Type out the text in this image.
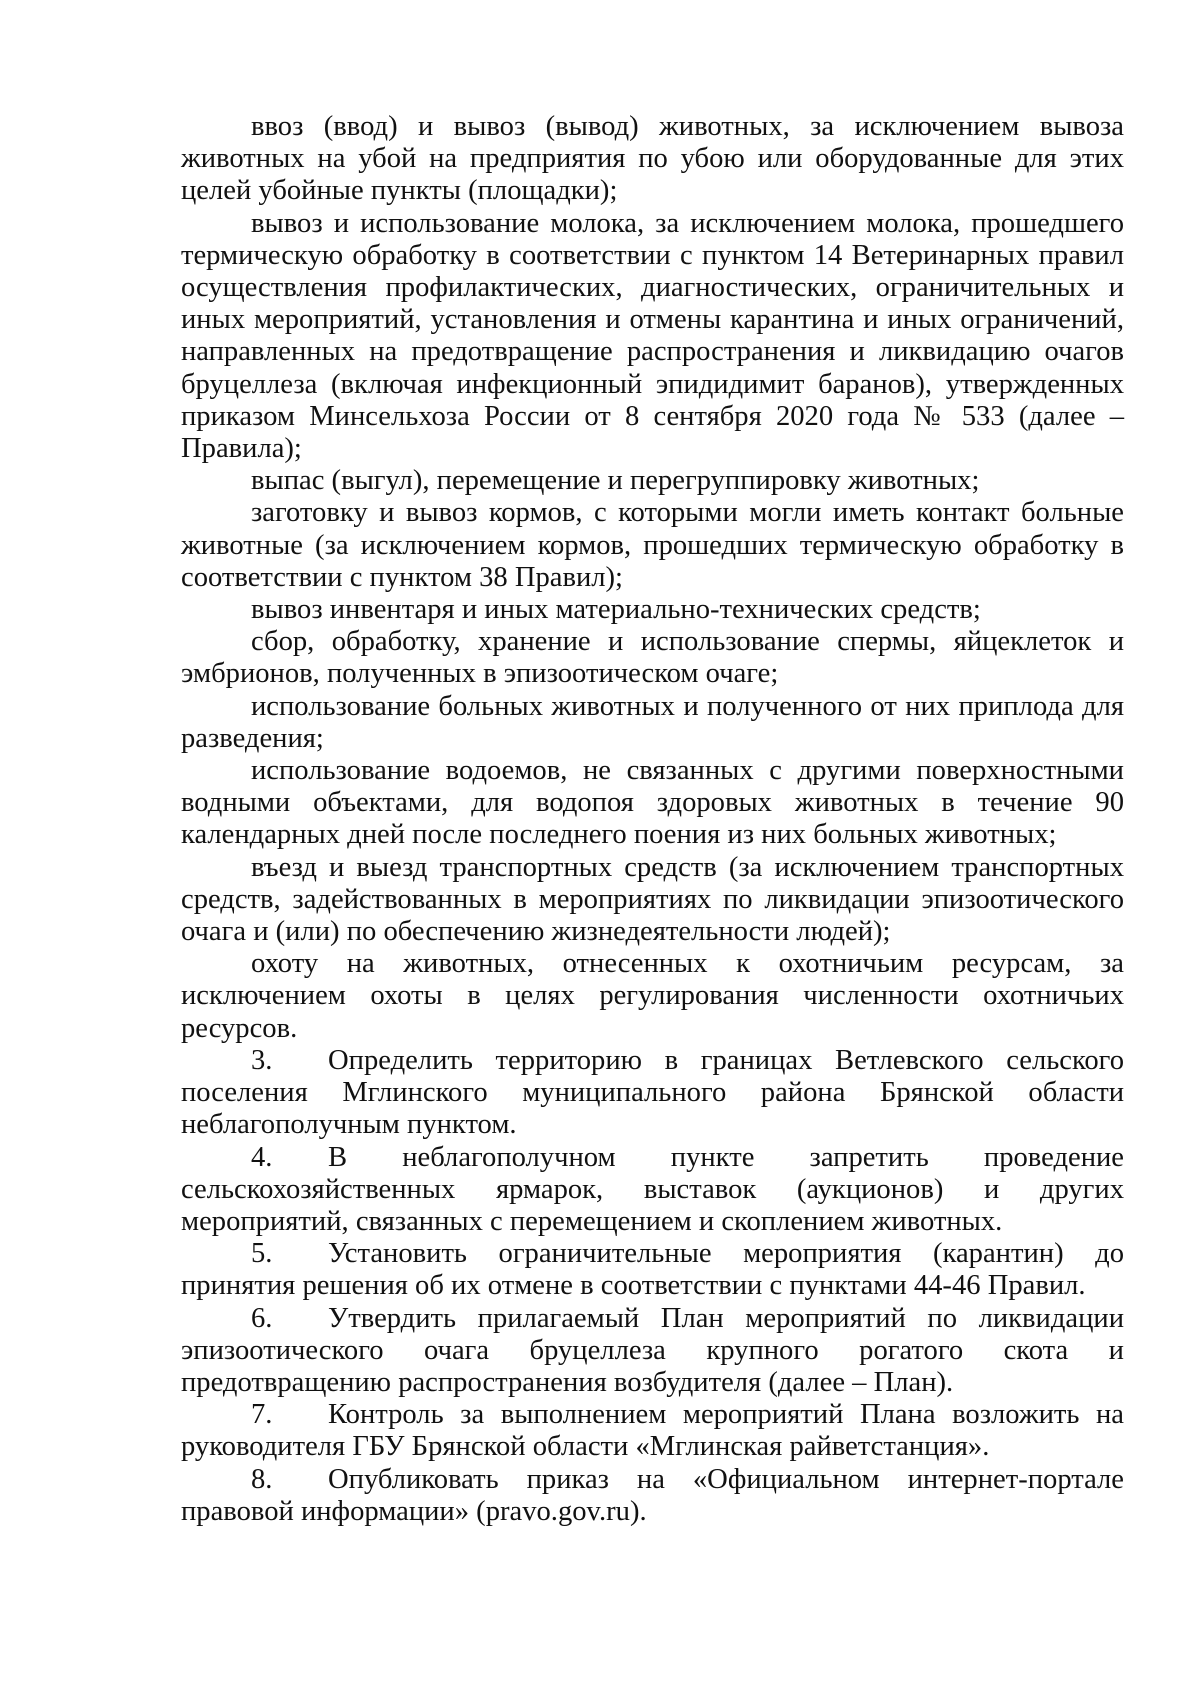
ввоз (ввод) и вывоз (вывод) животных, за исключением вывоза животных на убой на предприятия по убою или оборудованные для этих целей убойные пункты (площадки);

вывоз и использование молока, за исключением молока, прошедшего термическую обработку в соответствии с пунктом 14 Ветеринарных правил осуществления профилактических, диагностических, ограничительных и иных мероприятий, установления и отмены карантина и иных ограничений, направленных на предотвращение распространения и ликвидацию очагов бруцеллеза (включая инфекционный эпидидимит баранов), утвержденных приказом Минсельхоза России от 8 сентября 2020 года № 533 (далее – Правила);

выпас (выгул), перемещение и перегруппировку животных;

заготовку и вывоз кормов, с которыми могли иметь контакт больные животные (за исключением кормов, прошедших термическую обработку в соответствии с пунктом 38 Правил);

вывоз инвентаря и иных материально-технических средств;

сбор, обработку, хранение и использование спермы, яйцеклеток и эмбрионов, полученных в эпизоотическом очаге;

использование больных животных и полученного от них приплода для разведения;

использование водоемов, не связанных с другими поверхностными водными объектами, для водопоя здоровых животных в течение 90 календарных дней после последнего поения из них больных животных;

въезд и выезд транспортных средств (за исключением транспортных средств, задействованных в мероприятиях по ликвидации эпизоотического очага и (или) по обеспечению жизнедеятельности людей);

охоту на животных, отнесенных к охотничьим ресурсам, за исключением охоты в целях регулирования численности охотничьих ресурсов.

3. Определить территорию в границах Ветлевского сельского поселения Мглинского муниципального района Брянской области неблагополучным пунктом.

4. В неблагополучном пункте запретить проведение сельскохозяйственных ярмарок, выставок (аукционов) и других мероприятий, связанных с перемещением и скоплением животных.

5. Установить ограничительные мероприятия (карантин) до принятия решения об их отмене в соответствии с пунктами 44-46 Правил.

6. Утвердить прилагаемый План мероприятий по ликвидации эпизоотического очага бруцеллеза крупного рогатого скота и предотвращению распространения возбудителя (далее – План).

7. Контроль за выполнением мероприятий Плана возложить на руководителя ГБУ Брянской области «Мглинская райветстанция».

8. Опубликовать приказ на «Официальном интернет-портале правовой информации» (pravo.gov.ru).
